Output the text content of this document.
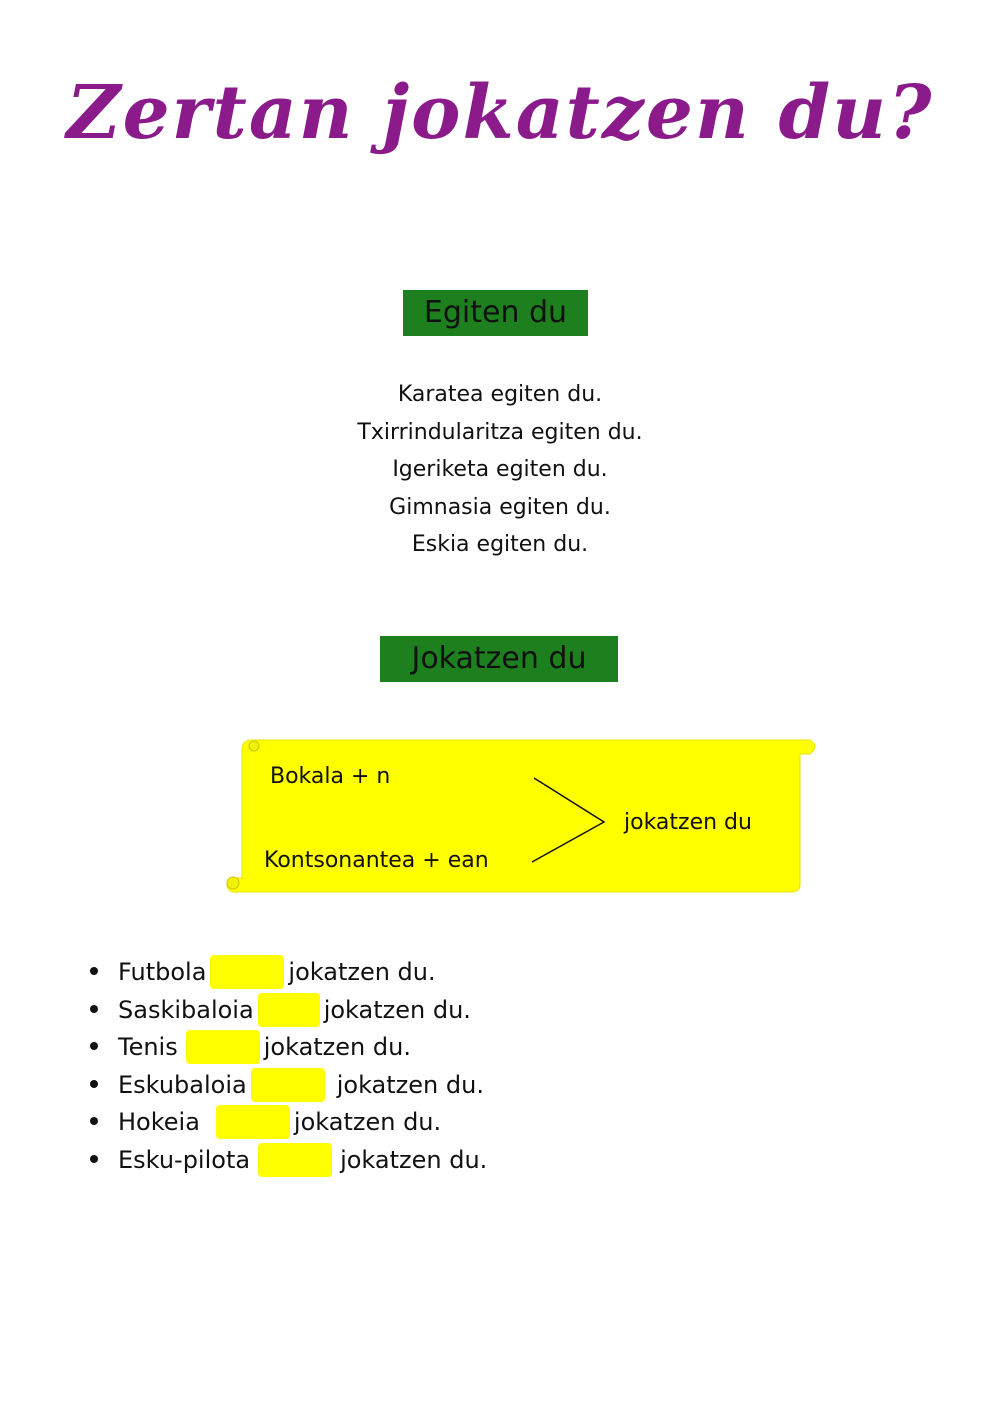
Zertan jokatzen du?
Egiten du
Karatea egiten du.
Txirrindularitza egiten du.
Igeriketa egiten du.
Gimnasia egiten du.
Eskia egiten du.
Jokatzen du
Bokala + n
Kontsonantea + ean
jokatzen du
Futbola	jokatzen du.
Saskibaloia	jokatzen du.
Tenis	jokatzen du.
Eskubaloia	jokatzen du.
Hokeia	jokatzen du.
Esku-pilota	jokatzen du.
